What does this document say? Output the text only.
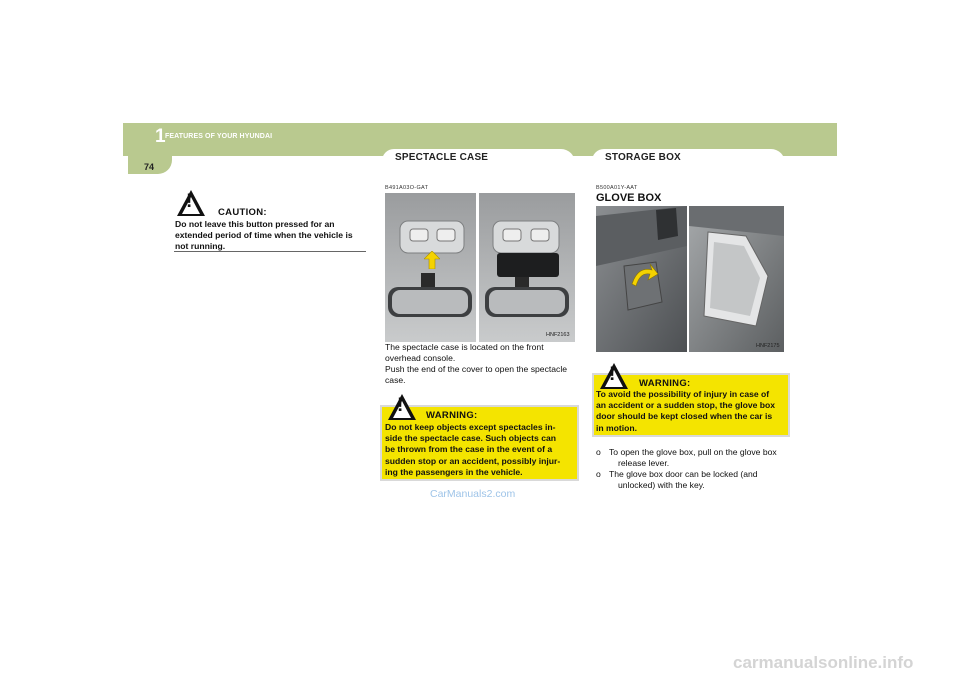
1 FEATURES OF YOUR HYUNDAI
74
SPECTACLE CASE	STORAGE BOX
!
CAUTION:
Do not leave this button pressed for an
extended period of time when the vehicle is
not running.
B491A03O-GAT
HNF2163
The spectacle case is located on the front
overhead console.
Push the end of the cover to open the spectacle
case.
! WARNING:
Do not keep objects except spectacles in-
side the spectacle case. Such objects can
be thrown from the case in the event of a
sudden stop or an accident, possibly injur-
ing the passengers in the vehicle.
CarManuals2.com
B500A01Y-AAT
GLOVE BOX
HNF2175
! WARNING:
To avoid the possibility of injury in case of
an accident or a sudden stop, the glove box
door should be kept closed when the car is
in motion.
o To open the glove box, pull on the glove box
release lever.
o The glove box door can be locked (and
unlocked) with the key.
carmanualsonline.info
